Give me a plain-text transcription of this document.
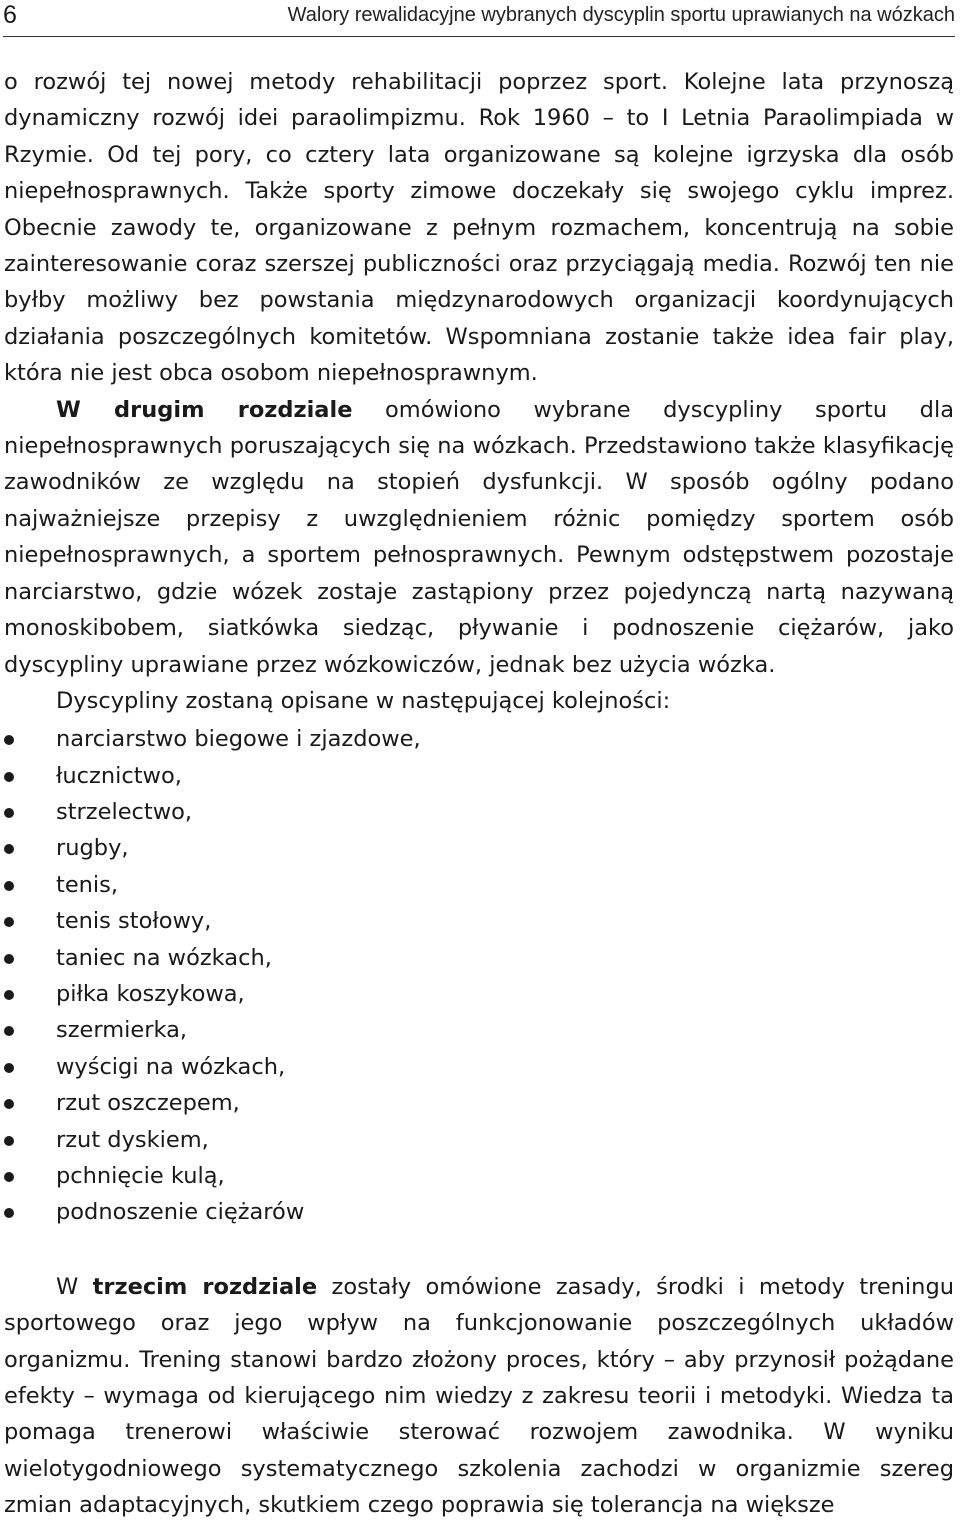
6	Walory rewalidacyjne wybranych dyscyplin sportu uprawianych na wózkach

o rozwój tej nowej metody rehabilitacji poprzez sport. Kolejne lata przynoszą dynamiczny rozwój idei paraolimpizmu. Rok 1960 – to I Letnia Paraolimpiada w Rzymie. Od tej pory, co cztery lata organizowane są kolejne igrzyska dla osób niepełnosprawnych. Także sporty zimowe doczekały się swojego cyklu imprez. Obecnie zawody te, organizowane z pełnym rozmachem, koncentrują na sobie zainteresowanie coraz szerszej publiczności oraz przyciągają media. Rozwój ten nie byłby możliwy bez powstania międzynarodowych organizacji koordynujących działania poszczególnych komitetów. Wspomniana zostanie także idea fair play, która nie jest obca osobom niepełnosprawnym.

W drugim rozdziale omówiono wybrane dyscypliny sportu dla niepełnosprawnych poruszających się na wózkach. Przedstawiono także klasyfikację zawodników ze względu na stopień dysfunkcji. W sposób ogólny podano najważniejsze przepisy z uwzględnieniem różnic pomiędzy sportem osób niepełnosprawnych, a sportem pełnosprawnych. Pewnym odstępstwem pozostaje narciarstwo, gdzie wózek zostaje zastąpiony przez pojedynczą nartą nazywaną monoskibobem, siatkówka siedząc, pływanie i podnoszenie ciężarów, jako dyscypliny uprawiane przez wózkowiczów, jednak bez użycia wózka.

Dyscypliny zostaną opisane w następującej kolejności:

narciarstwo biegowe i zjazdowe,
łucznictwo,
strzelectwo,
rugby,
tenis,
tenis stołowy,
taniec na wózkach,
piłka koszykowa,
szermierka,
wyścigi na wózkach,
rzut oszczepem,
rzut dyskiem,
pchnięcie kulą,
podnoszenie ciężarów

W trzecim rozdziale zostały omówione zasady, środki i metody treningu sportowego oraz jego wpływ na funkcjonowanie poszczególnych układów organizmu. Trening stanowi bardzo złożony proces, który – aby przynosił pożądane efekty – wymaga od kierującego nim wiedzy z zakresu teorii i metodyki. Wiedza ta pomaga trenerowi właściwie sterować rozwojem zawodnika. W wyniku wielotygodniowego systematycznego szkolenia zachodzi w organizmie szereg zmian adaptacyjnych, skutkiem czego poprawia się tolerancja na większe
